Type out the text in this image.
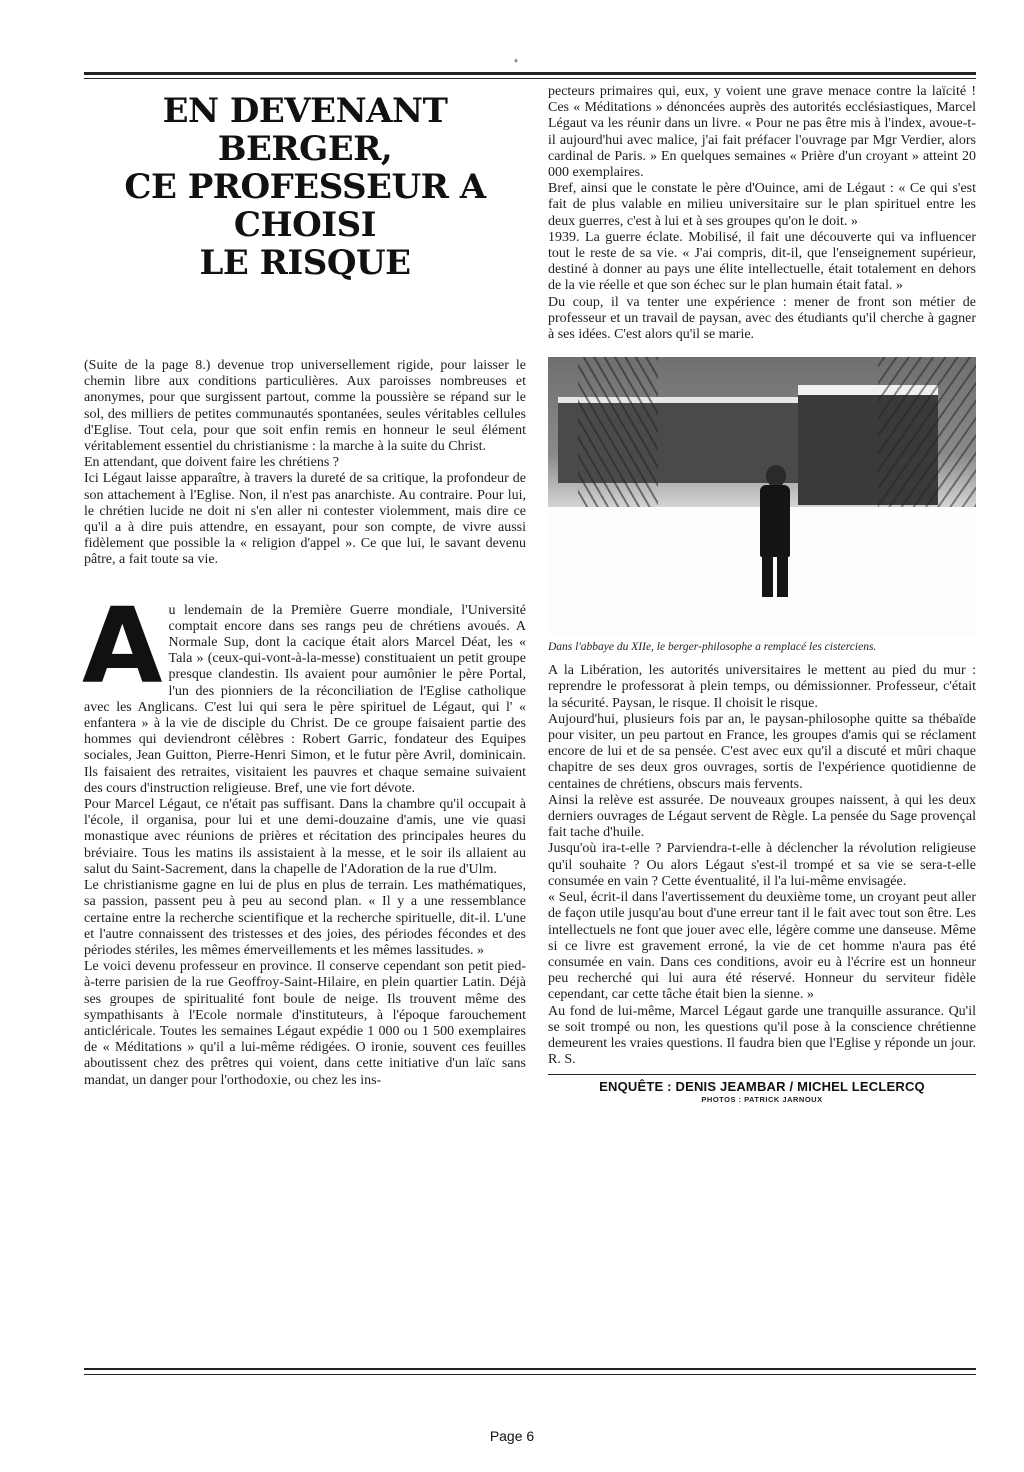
♦
EN DEVENANT
BERGER,
CE PROFESSEUR A CHOISI
LE RISQUE

(Suite de la page 8.) devenue trop universellement rigide, pour laisser le chemin libre aux conditions particulières. Aux paroisses nombreuses et anonymes, pour que surgissent partout, comme la poussière se répand sur le sol, des milliers de petites communautés spontanées, seules véritables cellules d'Eglise. Tout cela, pour que soit enfin remis en honneur le seul élément véritablement essentiel du christianisme : la marche à la suite du Christ.

En attendant, que doivent faire les chrétiens ?

Ici Légaut laisse apparaître, à travers la dureté de sa critique, la profondeur de son attachement à l'Eglise. Non, il n'est pas anarchiste. Au contraire. Pour lui, le chrétien lucide ne doit ni s'en aller ni contester violemment, mais dire ce qu'il a à dire puis attendre, en essayant, pour son compte, de vivre aussi fidèlement que possible la « religion d'appel ». Ce que lui, le savant devenu pâtre, a fait toute sa vie.

Au lendemain de la Première Guerre mondiale, l'Université comptait encore dans ses rangs peu de chrétiens avoués. A Normale Sup, dont la cacique était alors Marcel Déat, les « Tala » (ceux-qui-vont-à-la-messe) constituaient un petit groupe presque clandestin. Ils avaient pour aumônier le père Portal, l'un des pionniers de la réconciliation de l'Eglise catholique avec les Anglicans. C'est lui qui sera le père spirituel de Légaut, qui l' « enfantera » à la vie de disciple du Christ. De ce groupe faisaient partie des hommes qui deviendront célèbres : Robert Garric, fondateur des Equipes sociales, Jean Guitton, Pierre-Henri Simon, et le futur père Avril, dominicain. Ils faisaient des retraites, visitaient les pauvres et chaque semaine suivaient des cours d'instruction religieuse. Bref, une vie fort dévote.

Pour Marcel Légaut, ce n'était pas suffisant. Dans la chambre qu'il occupait à l'école, il organisa, pour lui et une demi-douzaine d'amis, une vie quasi monastique avec réunions de prières et récitation des principales heures du bréviaire. Tous les matins ils assistaient à la messe, et le soir ils allaient au salut du Saint-Sacrement, dans la chapelle de l'Adoration de la rue d'Ulm.

Le christianisme gagne en lui de plus en plus de terrain. Les mathématiques, sa passion, passent peu à peu au second plan. « Il y a une ressemblance certaine entre la recherche scientifique et la recherche spirituelle, dit-il. L'une et l'autre connaissent des tristesses et des joies, des périodes fécondes et des périodes stériles, les mêmes émerveillements et les mêmes lassitudes. »

Le voici devenu professeur en province. Il conserve cependant son petit pied-à-terre parisien de la rue Geoffroy-Saint-Hilaire, en plein quartier Latin. Déjà ses groupes de spiritualité font boule de neige. Ils trouvent même des sympathisants à l'Ecole normale d'instituteurs, à l'époque farouchement anticléricale. Toutes les semaines Légaut expédie 1 000 ou 1 500 exemplaires de « Méditations » qu'il a lui-même rédigées. O ironie, souvent ces feuilles aboutissent chez des prêtres qui voient, dans cette initiative d'un laïc sans mandat, un danger pour l'orthodoxie, ou chez les ins-

pecteurs primaires qui, eux, y voient une grave menace contre la laïcité ! Ces « Méditations » dénoncées auprès des autorités ecclésiastiques, Marcel Légaut va les réunir dans un livre. « Pour ne pas être mis à l'index, avoue-t-il aujourd'hui avec malice, j'ai fait préfacer l'ouvrage par Mgr Verdier, alors cardinal de Paris. » En quelques semaines « Prière d'un croyant » atteint 20 000 exemplaires.

Bref, ainsi que le constate le père d'Ouince, ami de Légaut : « Ce qui s'est fait de plus valable en milieu universitaire sur le plan spirituel entre les deux guerres, c'est à lui et à ses groupes qu'on le doit. »

1939. La guerre éclate. Mobilisé, il fait une découverte qui va influencer tout le reste de sa vie. « J'ai compris, dit-il, que l'enseignement supérieur, destiné à donner au pays une élite intellectuelle, était totalement en dehors de la vie réelle et que son échec sur le plan humain était fatal. »

Du coup, il va tenter une expérience : mener de front son métier de professeur et un travail de paysan, avec des étudiants qu'il cherche à gagner à ses idées. C'est alors qu'il se marie.

Dans l'abbaye du XIIe, le berger-philosophe a remplacé les cisterciens.

A la Libération, les autorités universitaires le mettent au pied du mur : reprendre le professorat à plein temps, ou démissionner. Professeur, c'était la sécurité. Paysan, le risque. Il choisit le risque.

Aujourd'hui, plusieurs fois par an, le paysan-philosophe quitte sa thébaïde pour visiter, un peu partout en France, les groupes d'amis qui se réclament encore de lui et de sa pensée. C'est avec eux qu'il a discuté et mûri chaque chapitre de ses deux gros ouvrages, sortis de l'expérience quotidienne de centaines de chrétiens, obscurs mais fervents.

Ainsi la relève est assurée. De nouveaux groupes naissent, à qui les deux derniers ouvrages de Légaut servent de Règle. La pensée du Sage provençal fait tache d'huile.

Jusqu'où ira-t-elle ? Parviendra-t-elle à déclencher la révolution religieuse qu'il souhaite ? Ou alors Légaut s'est-il trompé et sa vie se sera-t-elle consumée en vain ? Cette éventualité, il l'a lui-même envisagée.

« Seul, écrit-il dans l'avertissement du deuxième tome, un croyant peut aller de façon utile jusqu'au bout d'une erreur tant il le fait avec tout son être. Les intellectuels ne font que jouer avec elle, légère comme une danseuse. Même si ce livre est gravement erroné, la vie de cet homme n'aura pas été consumée en vain. Dans ces conditions, avoir eu à l'écrire est un honneur peu recherché qui lui aura été réservé. Honneur du serviteur fidèle cependant, car cette tâche était bien la sienne. »

Au fond de lui-même, Marcel Légaut garde une tranquille assurance. Qu'il se soit trompé ou non, les questions qu'il pose à la conscience chrétienne demeurent les vraies questions. Il faudra bien que l'Eglise y réponde un jour. R. S.

ENQUÊTE : DENIS JEAMBAR / MICHEL LECLERCQ
PHOTOS : PATRICK JARNOUX
Page 6
